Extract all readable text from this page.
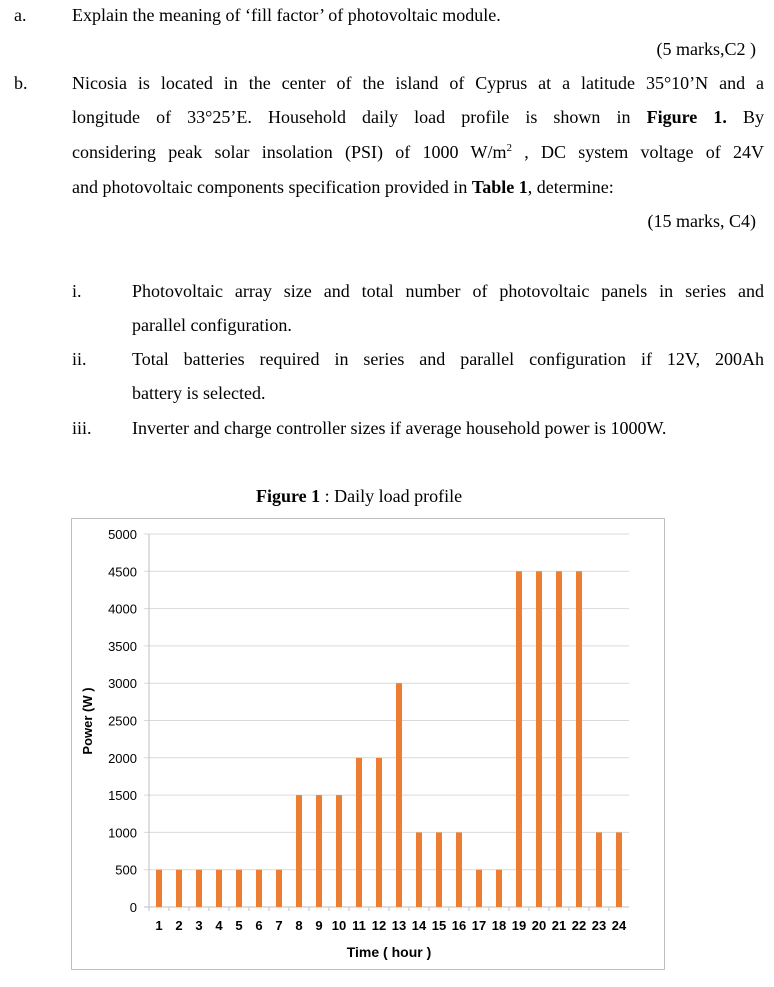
a.	Explain the meaning of ‘fill factor’ of photovoltaic module.
(5 marks,C2 )
b. Nicosia is located in the center of the island of Cyprus at a latitude 35°10’N and a
longitude of 33°25’E. Household daily load profile is shown in Figure 1. By
considering peak solar insolation (PSI) of 1000 $W/m^2$ , DC system voltage of 24V
and photovoltaic components specification provided in Table 1, determine:
(15 marks, C4)
i.	Photovoltaic array size and total number of photovoltaic panels in series and
parallel configuration.
ii.	Total batteries required in series and parallel configuration if 12V, 200Ah
battery is selected.
iii. Inverter and charge controller sizes if average household power is 1000W.
Figure 1 : Daily load profile
0
500
1000
1500
2000
2500
3000
3500
4000
4500
5000
1 2 3 4 5 6 7 8 9 10 11 12 13 14 15 16 17 18 19 20 21 22 23 24
Power (W )
Time ( hour )
